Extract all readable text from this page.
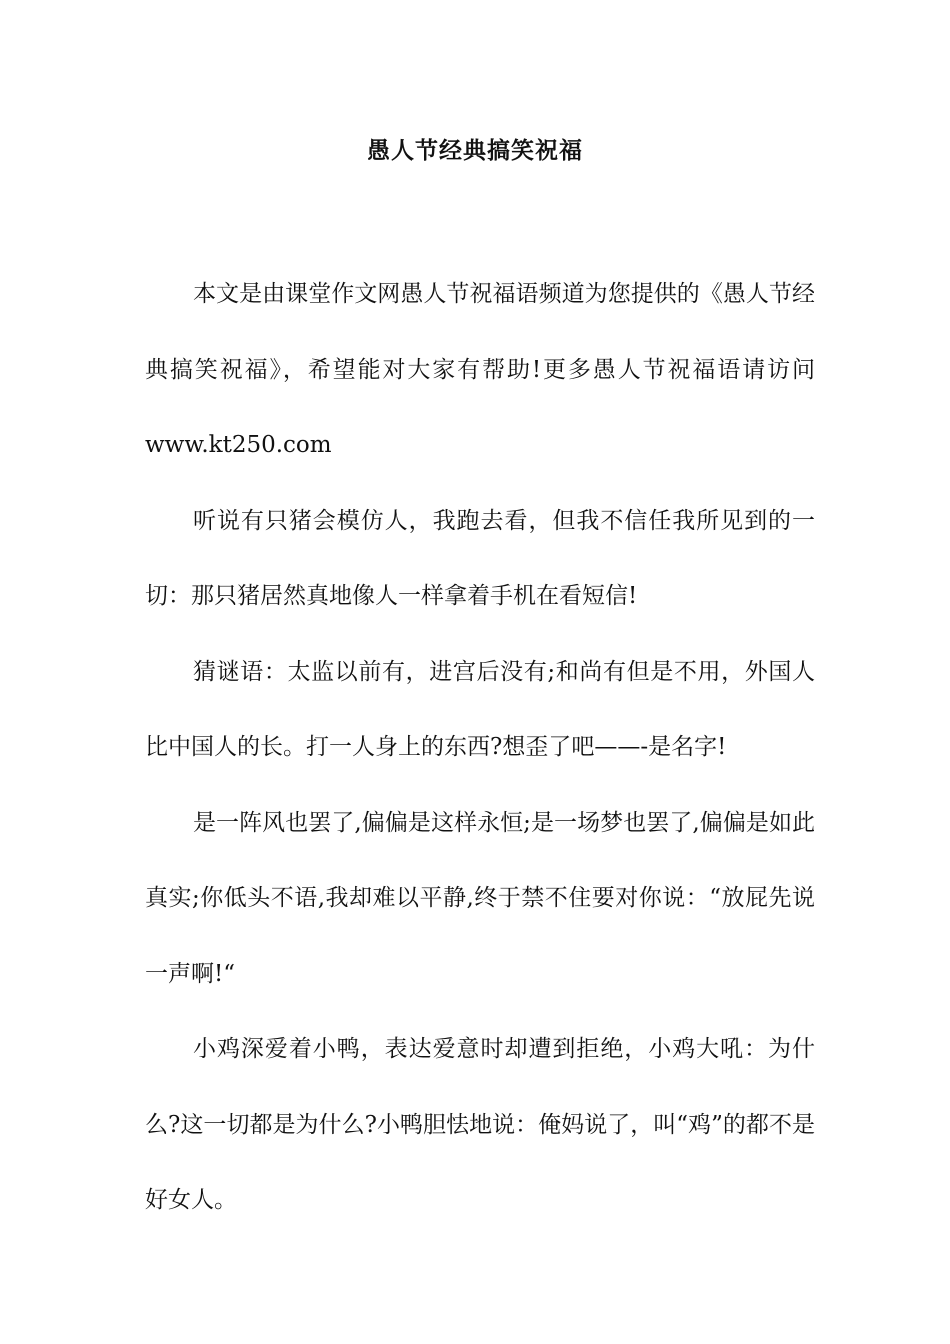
愚人节经典搞笑祝福

本文是由课堂作文网愚人节祝福语频道为您提供的《愚人节经典搞笑祝福》，希望能对大家有帮助!更多愚人节祝福语请访问www.kt250.com

听说有只猪会模仿人，我跑去看，但我不信任我所见到的一切：那只猪居然真地像人一样拿着手机在看短信!

猜谜语：太监以前有，进宫后没有;和尚有但是不用，外国人比中国人的长。打一人身上的东西?想歪了吧——-是名字!

是一阵风也罢了,偏偏是这样永恒;是一场梦也罢了,偏偏是如此真实;你低头不语,我却难以平静,终于禁不住要对你说：“放屁先说一声啊!“

小鸡深爱着小鸭，表达爱意时却遭到拒绝，小鸡大吼：为什么?这一切都是为什么?小鸭胆怯地说：俺妈说了，叫“鸡”的都不是好女人。
